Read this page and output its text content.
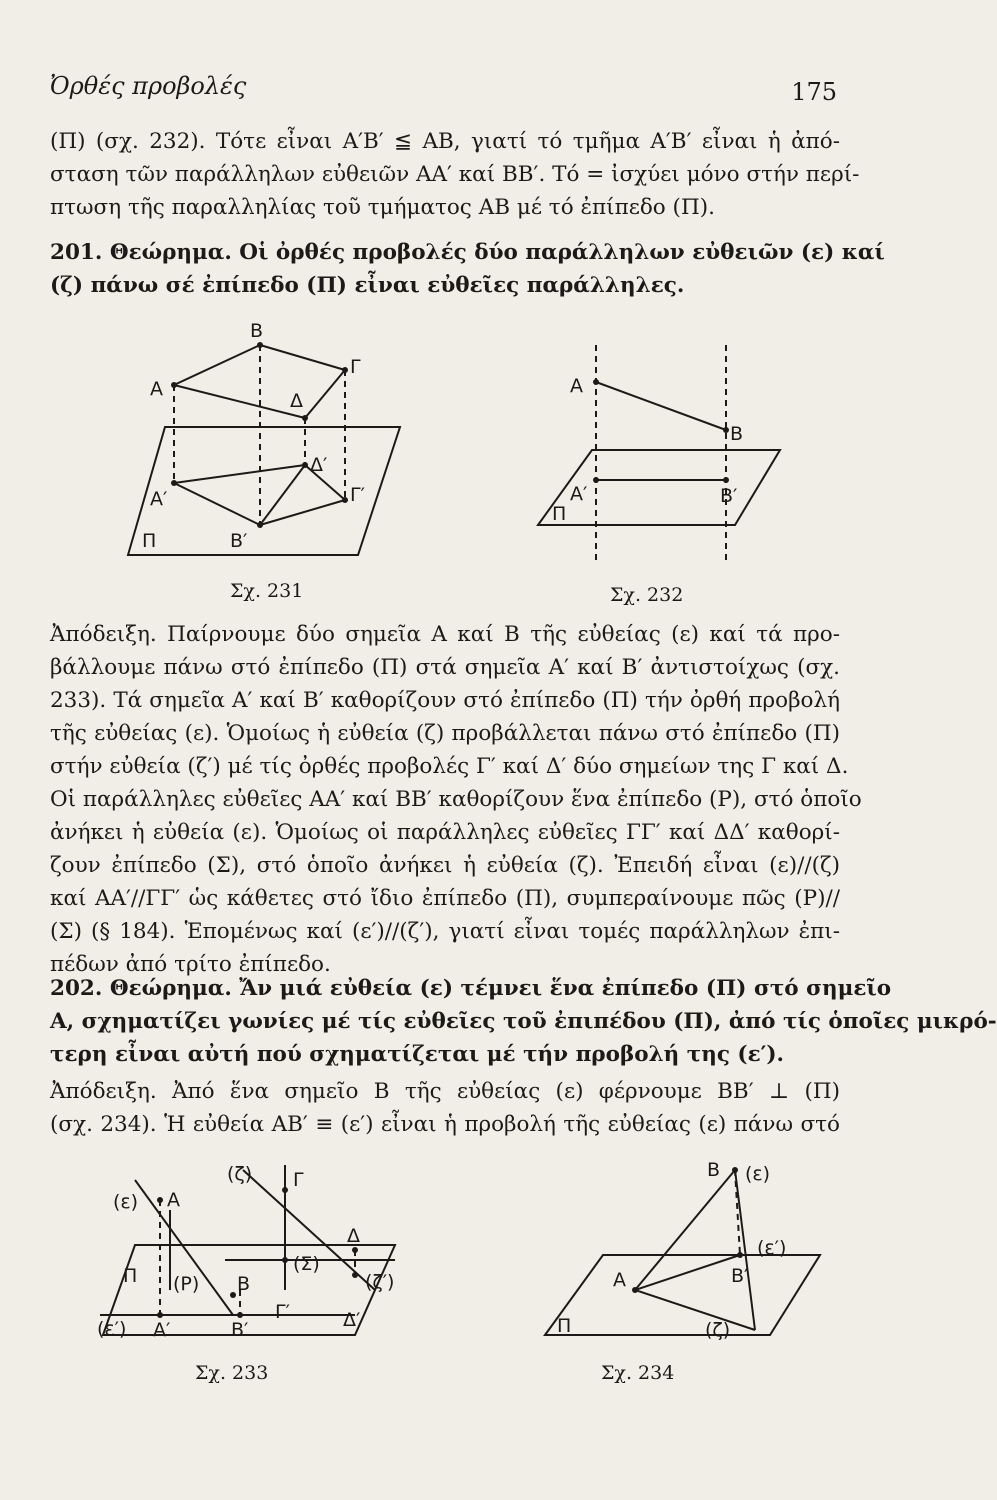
Ὀρθές προβολές	175
(Π) (σχ. 232). Τότε εἶναι Α′Β′ ≦ ΑΒ, γιατί τό τμῆμα Α′Β′ εἶναι ἡ ἀπό-
σταση τῶν παράλληλων εὐθειῶν ΑΑ′ καί ΒΒ′. Τό = ἰσχύει μόνο στήν περί-
πτωση τῆς παραλληλίας τοῦ τμήματος ΑΒ μέ τό ἐπίπεδο (Π).
201. Θεώρημα. Οἱ ὀρθές προβολές δύο παράλληλων εὐθειῶν (ε) καί
(ζ) πάνω σέ ἐπίπεδο (Π) εἶναι εὐθεῖες παράλληλες.
Β
Α
Γ
Δ
Δ′
Α′	Γ′
Π	Β′
Σχ. 231
Α
Β
Α′	Β′
Π
Σχ. 232
Ἀπόδειξη. Παίρνουμε δύο σημεῖα Α καί Β τῆς εὐθείας (ε) καί τά προ-
βάλλουμε πάνω στό ἐπίπεδο (Π) στά σημεῖα Α′ καί Β′ ἀντιστοίχως (σχ.
233). Τά σημεῖα Α′ καί Β′ καθορίζουν στό ἐπίπεδο (Π) τήν ὀρθή προβολή
τῆς εὐθείας (ε). Ὁμοίως ἡ εὐθεία (ζ) προβάλλεται πάνω στό ἐπίπεδο (Π)
στήν εὐθεία (ζ′) μέ τίς ὀρθές προβολές Γ′ καί Δ′ δύο σημείων της Γ καί Δ.
Οἱ παράλληλες εὐθεῖες ΑΑ′ καί ΒΒ′ καθορίζουν ἕνα ἐπίπεδο (Ρ), στό ὁποῖο
ἀνήκει ἡ εὐθεία (ε). Ὁμοίως οἱ παράλληλες εὐθεῖες ΓΓ′ καί ΔΔ′ καθορί-
ζουν ἐπίπεδο (Σ), στό ὁποῖο ἀνήκει ἡ εὐθεία (ζ). Ἐπειδή εἶναι (ε)//(ζ)
καί ΑΑ′//ΓΓ′ ὡς κάθετες στό ἴδιο ἐπίπεδο (Π), συμπεραίνουμε πῶς (Ρ)//
(Σ) (§ 184). Ἑπομένως καί (ε′)//(ζ′), γιατί εἶναι τομές παράλληλων ἐπι-
πέδων ἀπό τρίτο ἐπίπεδο.
202. Θεώρημα. Ἄν μιά εὐθεία (ε) τέμνει ἕνα ἐπίπεδο (Π) στό σημεῖο
Α, σχηματίζει γωνίες μέ τίς εὐθεῖες τοῦ ἐπιπέδου (Π), ἀπό τίς ὁποῖες μικρό-
τερη εἶναι αὐτή πού σχηματίζεται μέ τήν προβολή της (ε′).
Ἀπόδειξη. Ἀπό ἕνα σημεῖο Β τῆς εὐθείας (ε) φέρνουμε ΒΒ′ ⊥ (Π)
(σχ. 234). Ἡ εὐθεία ΑΒ′ ≡ (ε′) εἶναι ἡ προβολή τῆς εὐθείας (ε) πάνω στό
(ε) Α
(ζ) Γ
Δ
(Σ)
(ζ′)
Π (Ρ) Β
(ε′) Α′	Β′
Γ′	Δ′
Σχ. 233
Β (ε)
(ε′)
Α	Β′
Π	(ζ)
Σχ. 234
